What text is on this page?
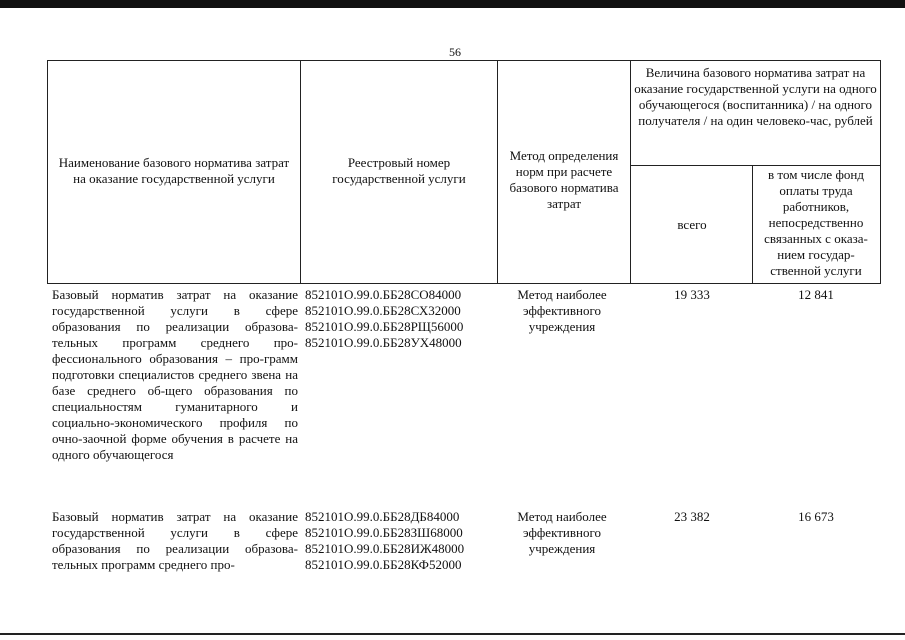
56
Наименование базового норматива затрат на оказание государственной услуги
Реестровый номер государственной услуги
Метод определения норм при расчете базового норматива затрат
Величина базового норматива затрат на оказание государственной услуги на одного обучающегося (воспитанника) / на одного получателя / на один человеко-час, рублей
всего
в том числе фонд оплаты труда работников, непосредственно связанных с оказа-нием государ-ственной услуги
Базовый норматив затрат на оказание государственной услуги в сфере образования по реализации образова-тельных программ среднего про-фессионального образования – про-грамм подготовки специалистов среднего звена на базе среднего об-щего образования по специальностям гуманитарного и социально-экономического профиля по очно-заочной форме обучения в расчете на одного обучающегося
852101О.99.0.ББ28СО84000
852101О.99.0.ББ28СХ32000
852101О.99.0.ББ28РЩ56000
852101О.99.0.ББ28УХ48000
Метод наиболее эффективного учреждения
19 333	12 841
Базовый норматив затрат на оказание государственной услуги в сфере образования по реализации образова-тельных программ среднего про-
852101О.99.0.ББ28ДБ84000
852101О.99.0.ББ28ЗШ68000
852101О.99.0.ББ28ИЖ48000
852101О.99.0.ББ28КФ52000
Метод наиболее эффективного учреждения
23 382	16 673
